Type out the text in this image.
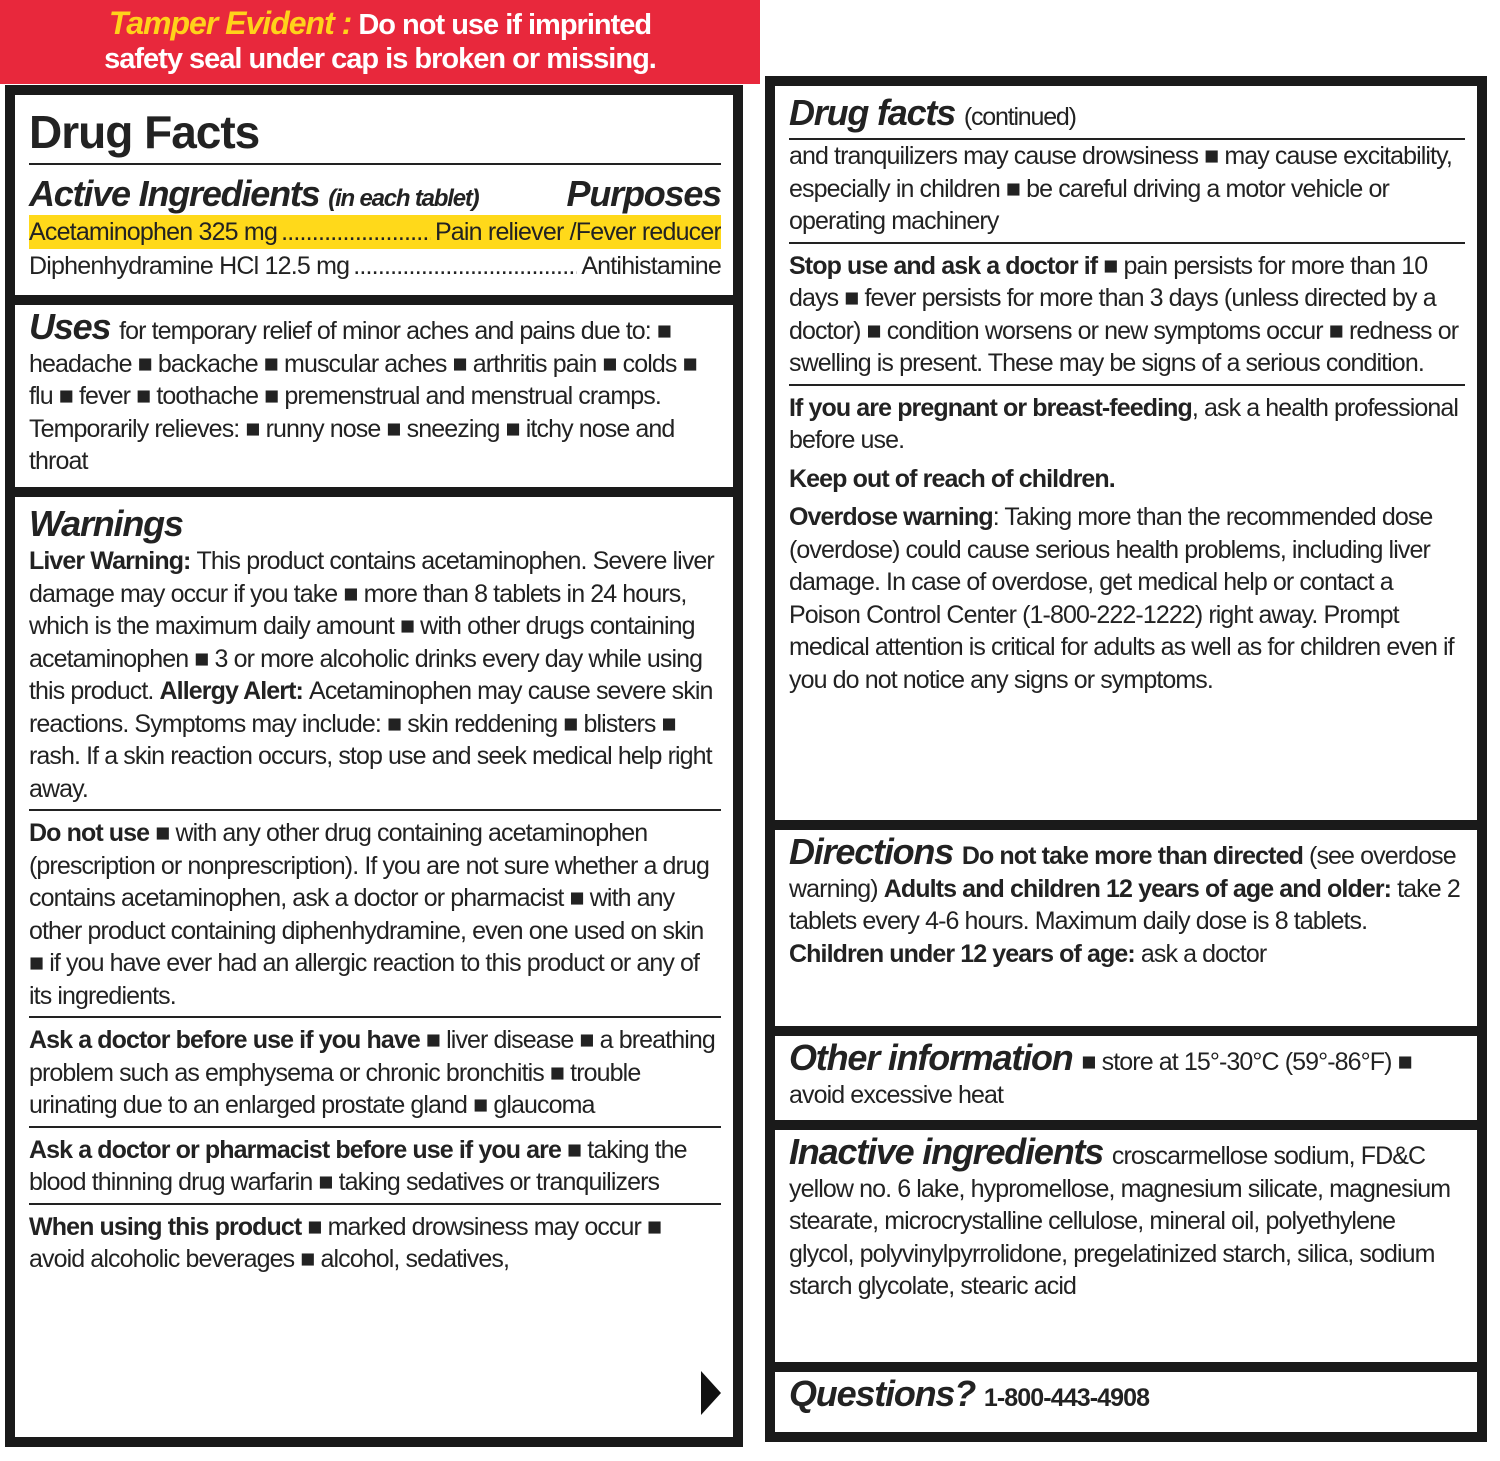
Tamper Evident : Do not use if imprinted
safety seal under cap is broken or missing.
Drug Facts
Active Ingredients (in each tablet) Purposes
Acetaminophen 325 mg .....	Pain reliever /Fever reducer
Diphenhydramine HCl 12.5 mg .....	Antihistamine
Uses for temporary relief of minor aches and pains due to: ■ headache ■ backache ■ muscular aches ■ arthritis pain ■ colds ■ flu ■ fever ■ toothache ■ premenstrual and menstrual cramps. Temporarily relieves: ■ runny nose ■ sneezing ■ itchy nose and throat
Warnings
Liver Warning: This product contains acetaminophen. Severe liver damage may occur if you take ■ more than 8 tablets in 24 hours, which is the maximum daily amount ■ with other drugs containing acetaminophen ■ 3 or more alcoholic drinks every day while using this product. Allergy Alert: Acetaminophen may cause severe skin reactions. Symptoms may include: ■ skin reddening ■ blisters ■ rash. If a skin reaction occurs, stop use and seek medical help right away.
Do not use ■ with any other drug containing acetaminophen (prescription or nonprescription). If you are not sure whether a drug contains acetaminophen, ask a doctor or pharmacist ■ with any other product containing diphenhydramine, even one used on skin ■ if you have ever had an allergic reaction to this product or any of its ingredients.
Ask a doctor before use if you have ■ liver disease ■ a breathing problem such as emphysema or chronic bronchitis ■ trouble urinating due to an enlarged prostate gland ■ glaucoma
Ask a doctor or pharmacist before use if you are ■ taking the blood thinning drug warfarin ■ taking sedatives or tranquilizers
When using this product ■ marked drowsiness may occur ■ avoid alcoholic beverages ■ alcohol, sedatives,
Drug facts (continued)
and tranquilizers may cause drowsiness ■ may cause excitability, especially in children ■ be careful driving a motor vehicle or operating machinery
Stop use and ask a doctor if ■ pain persists for more than 10 days ■ fever persists for more than 3 days (unless directed by a doctor) ■ condition worsens or new symptoms occur ■ redness or swelling is present. These may be signs of a serious condition.
If you are pregnant or breast-feeding, ask a health professional before use.
Keep out of reach of children.
Overdose warning: Taking more than the recommended dose (overdose) could cause serious health problems, including liver damage. In case of overdose, get medical help or contact a Poison Control Center (1-800-222-1222) right away. Prompt medical attention is critical for adults as well as for children even if you do not notice any signs or symptoms.
Directions Do not take more than directed (see overdose warning) Adults and children 12 years of age and older: take 2 tablets every 4-6 hours. Maximum daily dose is 8 tablets. Children under 12 years of age: ask a doctor
Other information ■ store at 15°-30°C (59°-86°F) ■ avoid excessive heat
Inactive ingredients croscarmellose sodium, FD&C yellow no. 6 lake, hypromellose, magnesium silicate, magnesium stearate, microcrystalline cellulose, mineral oil, polyethylene glycol, polyvinylpyrrolidone, pregelatinized starch, silica, sodium starch glycolate, stearic acid
Questions? 1-800-443-4908
